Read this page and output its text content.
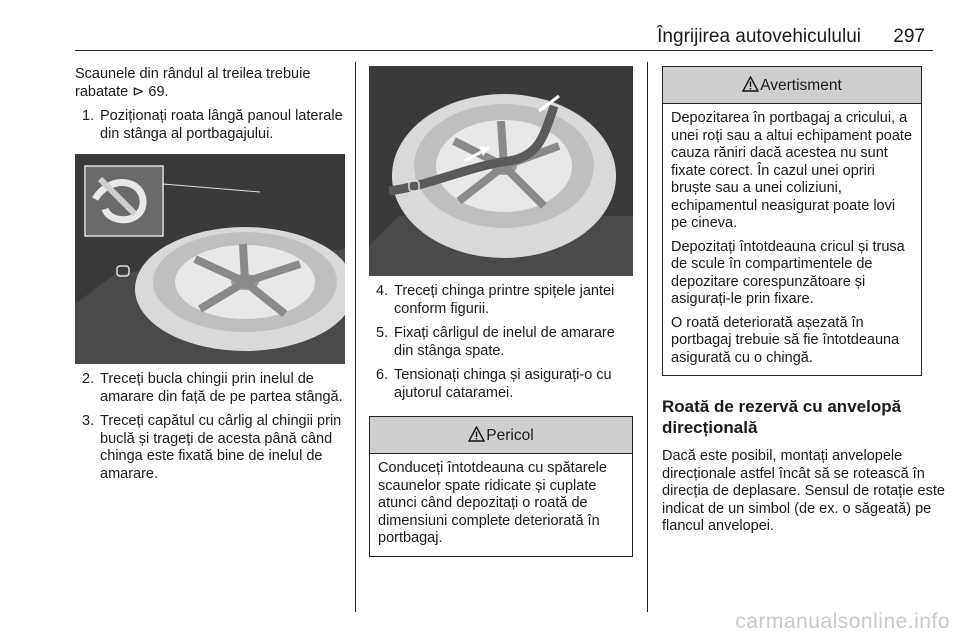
Îngrijirea autovehiculului 297
Scaunele din rândul al treilea trebuie rabatate ⊳ 69.
1. Poziționați roata lângă panoul laterale din stânga al portbagajului.
2. Treceți bucla chingii prin inelul de amarare din față de pe partea stângă.
3. Treceți capătul cu cârlig al chingii prin buclă și trageți de acesta până când chinga este fixată bine de inelul de amarare.
4. Treceți chinga printre spițele jantei conform figurii.
5. Fixați cârligul de inelul de amarare din stânga spate.
6. Tensionați chinga și asigurați-o cu ajutorul cataramei.
Pericol
Conduceți întotdeauna cu spătarele scaunelor spate ridicate și cuplate atunci când depozitați o roată de dimensiuni complete deteriorată în portbagaj.
Avertisment
Depozitarea în portbagaj a cricului, a unei roți sau a altui echipament poate cauza răniri dacă acestea nu sunt fixate corect. În cazul unei opriri bruște sau a unei coliziuni, echipamentul neasigurat poate lovi pe cineva.
Depozitați întotdeauna cricul și trusa de scule în compartimentele de depozitare corespunzătoare și asigurați-le prin fixare.
O roată deteriorată așezată în portbagaj trebuie să fie întotdeauna asigurată cu o chingă.
Roată de rezervă cu anvelopă direcțională
Dacă este posibil, montați anvelopele direcționale astfel încât să se rotească în direcția de deplasare. Sensul de rotație este indicat de un simbol (de ex. o săgeată) pe flancul anvelopei.
carmanualsonline.info
